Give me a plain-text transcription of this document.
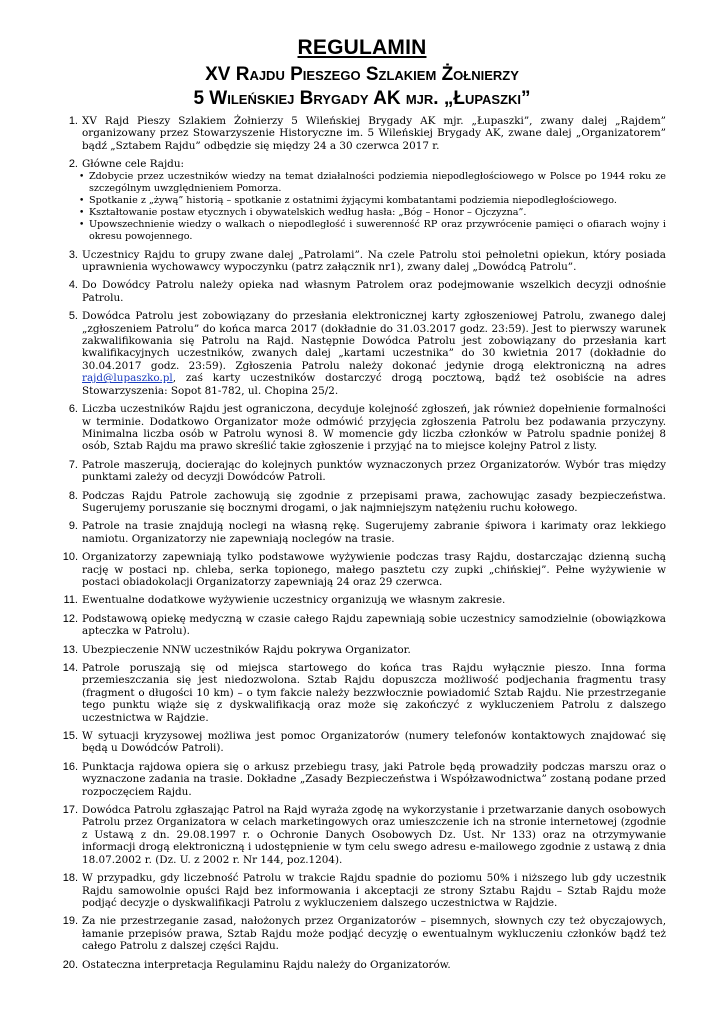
REGULAMIN
XV Rajdu Pieszego Szlakiem Żołnierzy
5 Wileńskiej Brygady AK mjr. „Łupaszki”
1. XV Rajd Pieszy Szlakiem Żołnierzy 5 Wileńskiej Brygady AK mjr. „Łupaszki”, zwany dalej „Rajdem” organizowany przez Stowarzyszenie Historyczne im. 5 Wileńskiej Brygady AK, zwane dalej „Organizatorem” bądź „Sztabem Rajdu” odbędzie się między 24 a 30 czerwca 2017 r.
2. Główne cele Rajdu:
• Zdobycie przez uczestników wiedzy na temat działalności podziemia niepodległościowego w Polsce po 1944 roku ze szczególnym uwzględnieniem Pomorza.
• Spotkanie z „żywą” historią – spotkanie z ostatnimi żyjącymi kombatantami podziemia niepodległościowego.
• Kształtowanie postaw etycznych i obywatelskich według hasła: „Bóg – Honor – Ojczyzna”.
• Upowszechnienie wiedzy o walkach o niepodległość i suwerenność RP oraz przywrócenie pamięci o ofiarach wojny i okresu powojennego.
3. Uczestnicy Rajdu to grupy zwane dalej „Patrolami”. Na czele Patrolu stoi pełnoletni opiekun, który posiada uprawnienia wychowawcy wypoczynku (patrz załącznik nr1), zwany dalej „Dowódcą Patrolu”.
4. Do Dowódcy Patrolu należy opieka nad własnym Patrolem oraz podejmowanie wszelkich decyzji odnośnie Patrolu.
5. Dowódca Patrolu jest zobowiązany do przesłania elektronicznej karty zgłoszeniowej Patrolu, zwanego dalej „zgłoszeniem Patrolu” do końca marca 2017 (dokładnie do 31.03.2017 godz. 23:59). Jest to pierwszy warunek zakwalifikowania się Patrolu na Rajd. Następnie Dowódca Patrolu jest zobowiązany do przesłania kart kwalifikacyjnych uczestników, zwanych dalej „kartami uczestnika” do 30 kwietnia 2017 (dokładnie do 30.04.2017 godz. 23:59). Zgłoszenia Patrolu należy dokonać jedynie drogą elektroniczną na adres rajd@lupaszko.pl, zaś karty uczestników dostarczyć drogą pocztową, bądź też osobiście na adres Stowarzyszenia: Sopot 81-782, ul. Chopina 25/2.
6. Liczba uczestników Rajdu jest ograniczona, decyduje kolejność zgłoszeń, jak również dopełnienie formalności w terminie. Dodatkowo Organizator może odmówić przyjęcia zgłoszenia Patrolu bez podawania przyczyny. Minimalna liczba osób w Patrolu wynosi 8. W momencie gdy liczba członków w Patrolu spadnie poniżej 8 osób, Sztab Rajdu ma prawo skreślić takie zgłoszenie i przyjąć na to miejsce kolejny Patrol z listy.
7. Patrole maszerują, docierając do kolejnych punktów wyznaczonych przez Organizatorów. Wybór tras między punktami zależy od decyzji Dowódców Patroli.
8. Podczas Rajdu Patrole zachowują się zgodnie z przepisami prawa, zachowując zasady bezpieczeństwa. Sugerujemy poruszanie się bocznymi drogami, o jak najmniejszym natężeniu ruchu kołowego.
9. Patrole na trasie znajdują noclegi na własną rękę. Sugerujemy zabranie śpiwora i karimaty oraz lekkiego namiotu. Organizatorzy nie zapewniają noclegów na trasie.
10. Organizatorzy zapewniają tylko podstawowe wyżywienie podczas trasy Rajdu, dostarczając dzienną suchą rację w postaci np. chleba, serka topionego, małego pasztetu czy zupki „chińskiej”. Pełne wyżywienie w postaci obiadokolacji Organizatorzy zapewniają 24 oraz 29 czerwca.
11. Ewentualne dodatkowe wyżywienie uczestnicy organizują we własnym zakresie.
12. Podstawową opiekę medyczną w czasie całego Rajdu zapewniają sobie uczestnicy samodzielnie (obowiązkowa apteczka w Patrolu).
13. Ubezpieczenie NNW uczestników Rajdu pokrywa Organizator.
14. Patrole poruszają się od miejsca startowego do końca tras Rajdu wyłącznie pieszo. Inna forma przemieszczania się jest niedozwolona. Sztab Rajdu dopuszcza możliwość podjechania fragmentu trasy (fragment o długości 10 km) – o tym fakcie należy bezzwłocznie powiadomić Sztab Rajdu. Nie przestrzeganie tego punktu wiąże się z dyskwalifikacją oraz może się zakończyć z wykluczeniem Patrolu z dalszego uczestnictwa w Rajdzie.
15. W sytuacji kryzysowej możliwa jest pomoc Organizatorów (numery telefonów kontaktowych znajdować się będą u Dowódców Patroli).
16. Punktacja rajdowa opiera się o arkusz przebiegu trasy, jaki Patrole będą prowadziły podczas marszu oraz o wyznaczone zadania na trasie. Dokładne „Zasady Bezpieczeństwa i Współzawodnictwa” zostaną podane przed rozpoczęciem Rajdu.
17. Dowódca Patrolu zgłaszając Patrol na Rajd wyraża zgodę na wykorzystanie i przetwarzanie danych osobowych Patrolu przez Organizatora w celach marketingowych oraz umieszczenie ich na stronie internetowej (zgodnie z Ustawą z dn. 29.08.1997 r. o Ochronie Danych Osobowych Dz. Ust. Nr 133) oraz na otrzymywanie informacji drogą elektroniczną i udostępnienie w tym celu swego adresu e-mailowego zgodnie z ustawą z dnia 18.07.2002 r. (Dz. U. z 2002 r. Nr 144, poz.1204).
18. W przypadku, gdy liczebność Patrolu w trakcie Rajdu spadnie do poziomu 50% i niższego lub gdy uczestnik Rajdu samowolnie opuści Rajd bez informowania i akceptacji ze strony Sztabu Rajdu – Sztab Rajdu może podjąć decyzje o dyskwalifikacji Patrolu z wykluczeniem dalszego uczestnictwa w Rajdzie.
19. Za nie przestrzeganie zasad, nałożonych przez Organizatorów – pisemnych, słownych czy też obyczajowych, łamanie przepisów prawa, Sztab Rajdu może podjąć decyzję o ewentualnym wykluczeniu członków bądź też całego Patrolu z dalszej części Rajdu.
20. Ostateczna interpretacja Regulaminu Rajdu należy do Organizatorów.
